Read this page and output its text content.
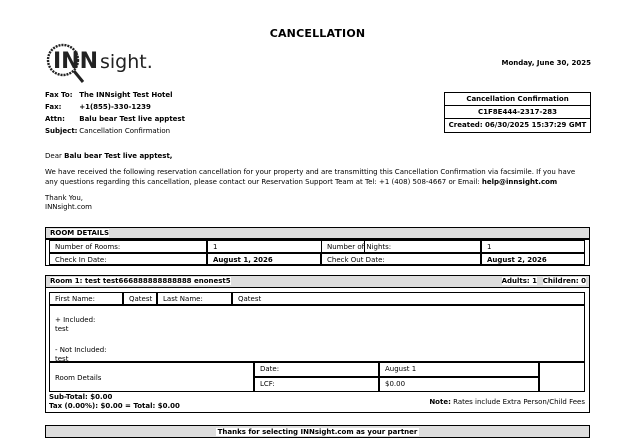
CANCELLATION
INN sight.	Monday, June 30, 2025
Fax To: The INNsight Test Hotel
Fax:	+1(855)-330-1239
Attn: Balu bear Test live apptest
Subject: Cancellation Confirmation
Cancellation Confirmation
C1F8E444-2317-283
Created: 06/30/2025 15:37:29 GMT
Dear Balu bear Test live apptest,
We have received the following reservation cancellation for your property and are transmitting this Cancellation Confirmation via facsimile. If you have any questions regarding this cancellation, please contact our Reservation Support Team at Tel: +1 (408) 508-4667 or Email: help@innsight.com
Thank You,
INNsight.com
ROOM DETAILS
Number of Rooms:	1	Number of Nights:	1
Check In Date:	August 1, 2026	Check Out Date:	August 2, 2026
Room 1: test test666888888888888 enonest5	Adults: 1 Children: 0
First Name:	Qatest	Last Name:	Qatest
+ Included:
test
- Not Included:
test
Room Details
Date:	August 1
LCF:	$0.00
Sub-Total: $0.00
Tax (0.00%): $0.00 = Total: $0.00	Note: Rates include Extra Person/Child Fees
Thanks for selecting INNsight.com as your partner
